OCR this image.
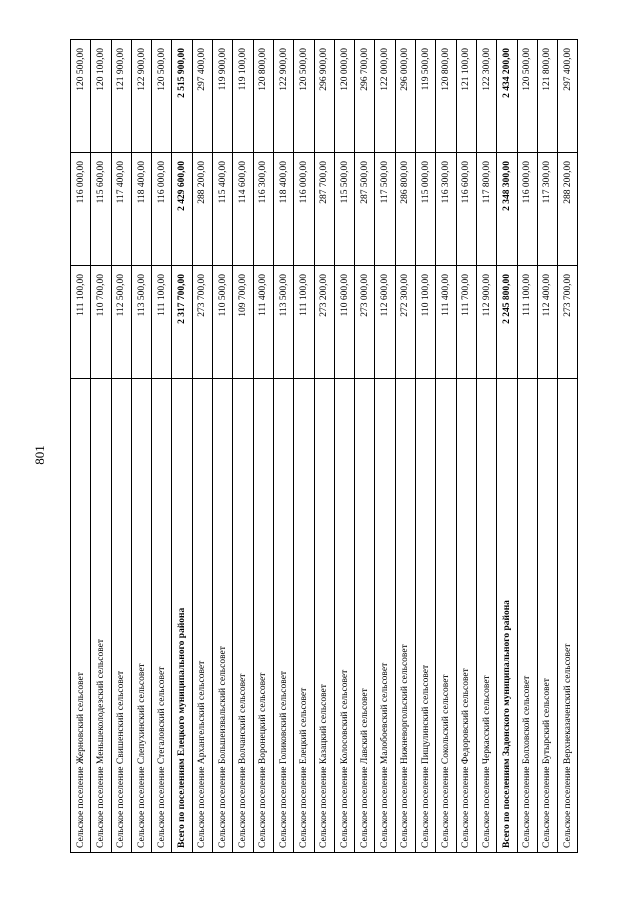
801
Сельское поселение Жерновский сельсовет	111 100,00	116 000,00	120 500,00
Сельское поселение Меньшеколодезский сельсовет	110 700,00	115 600,00	120 100,00
Сельское поселение Свишенский сельсовет	112 500,00	117 400,00	121 900,00
Сельское поселение Слепухинский сельсовет	113 500,00	118 400,00	122 900,00
Сельское поселение Стегаловский сельсовет	111 100,00	116 000,00	120 500,00
Всего по поселениям Елецкого муниципального района	2 317 700,00	2 429 600,00	2 515 900,00
Сельское поселение Архангельский сельсовет	273 700,00	288 200,00	297 400,00
Сельское поселение Большеизвальский сельсовет	110 500,00	115 400,00	119 900,00
Сельское поселение Волчанский сельсовет	109 700,00	114 600,00	119 100,00
Сельское поселение Воронецкий сельсовет	111 400,00	116 300,00	120 800,00
Сельское поселение Голиковский сельсовет	113 500,00	118 400,00	122 900,00
Сельское поселение Елецкий сельсовет	111 100,00	116 000,00	120 500,00
Сельское поселение Казацкий сельсовет	273 200,00	287 700,00	296 900,00
Сельское поселение Колосовский сельсовет	110 600,00	115 500,00	120 000,00
Сельское поселение Лавский сельсовет	273 000,00	287 500,00	296 700,00
Сельское поселение Малобоевский сельсовет	112 600,00	117 500,00	122 000,00
Сельское поселение Нижневоргольский сельсовет	272 300,00	286 800,00	296 000,00
Сельское поселение Пищулинский сельсовет	110 100,00	115 000,00	119 500,00
Сельское поселение Сокольский сельсовет	111 400,00	116 300,00	120 800,00
Сельское поселение Федоровский сельсовет	111 700,00	116 600,00	121 100,00
Сельское поселение Черкасский сельсовет	112 900,00	117 800,00	122 300,00
Всего по поселениям Задонского муниципального района	2 245 800,00	2 348 300,00	2 434 200,00
Сельское поселение Болховской сельсовет	111 100,00	116 000,00	120 500,00
Сельское поселение Бутырский сельсовет	112 400,00	117 300,00	121 800,00
Сельское поселение Верхнеказаченский сельсовет	273 700,00	288 200,00	297 400,00
